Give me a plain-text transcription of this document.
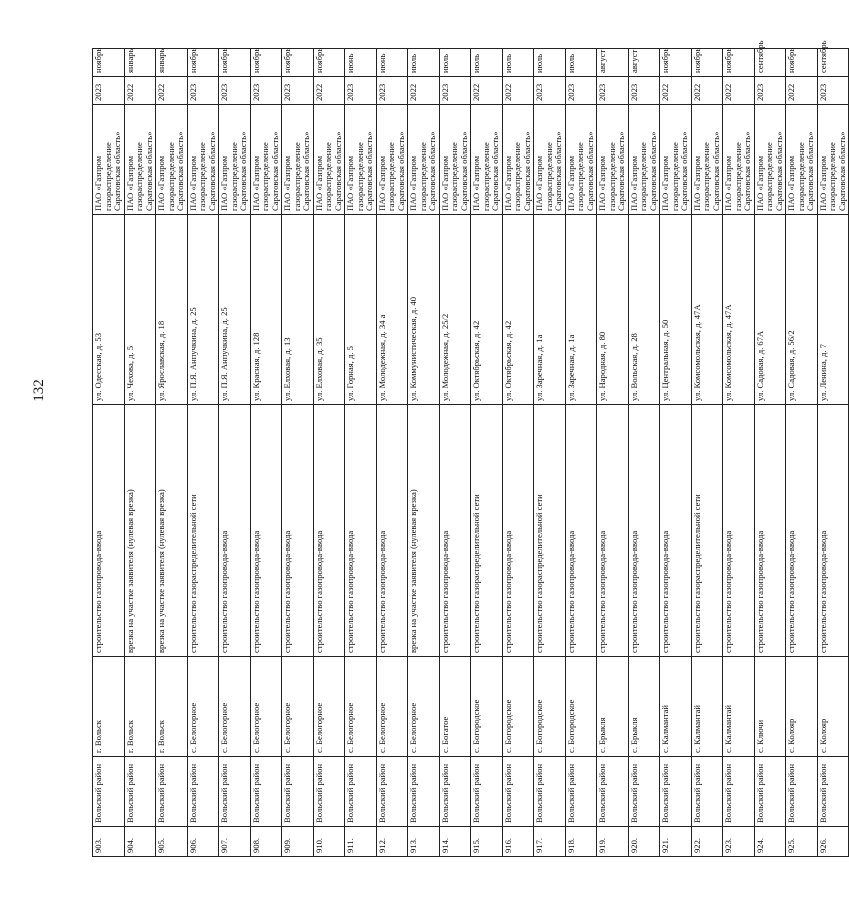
132
903.	Вольский район	г. Вольск	строительство газопровода-ввода	ул. Одесская, д. 53	ПАО «Газпром газораспределение Саратовская область»	2023	ноябрь
904.	Вольский район	г. Вольск	врезка на участке заявителя (нулевая врезка)	ул. Чехова, д. 5	ПАО «Газпром газораспределение Саратовская область»	2022	январь
905.	Вольский район	г. Вольск	врезка на участке заявителя (нулевая врезка)	ул. Ярославская, д. 18	ПАО «Газпром газораспределение Саратовская область»	2022	январь
906.	Вольский район	с. Белогорное	строительство газораспределительной сети	ул. П.Я. Анпучкина, д. 25	ПАО «Газпром газораспределение Саратовская область»	2023	ноябрь
907.	Вольский район	с. Белогорное	строительство газопровода-ввода	ул. П.Я. Анпучкина, д. 25	ПАО «Газпром газораспределение Саратовская область»	2023	ноябрь
908.	Вольский район	с. Белогорное	строительство газопровода-ввода	ул. Красная, д. 128	ПАО «Газпром газораспределение Саратовская область»	2023	ноябрь
909.	Вольский район	с. Белогорное	строительство газопровода-ввода	ул. Елховая, д. 13	ПАО «Газпром газораспределение Саратовская область»	2023	ноябрь
910.	Вольский район	с. Белогорное	строительство газопровода-ввода	ул. Елховая, д. 35	ПАО «Газпром газораспределение Саратовская область»	2022	ноябрь
911.	Вольский район	с. Белогорное	строительство газопровода-ввода	ул. Горная, д. 5	ПАО «Газпром газораспределение Саратовская область»	2023	июнь
912.	Вольский район	с. Белогорное	строительство газопровода-ввода	ул. Молодежная, д. 34 а	ПАО «Газпром газораспределение Саратовская область»	2023	июнь
913.	Вольский район	с. Белогорное	врезка на участке заявителя (нулевая врезка)	ул. Коммунистическая, д. 40	ПАО «Газпром газораспределение Саратовская область»	2022	июль
914.	Вольский район	с. Богатое	строительство газопровода-ввода	ул. Молодежная, д. 25/2	ПАО «Газпром газораспределение Саратовская область»	2023	июль
915.	Вольский район	с. Богородское	строительство газораспределительной сети	ул. Октябрьская, д. 42	ПАО «Газпром газораспределение Саратовская область»	2022	июль
916.	Вольский район	с. Богородское	строительство газопровода-ввода	ул. Октябрьская, д. 42	ПАО «Газпром газораспределение Саратовская область»	2022	июль
917.	Вольский район	с. Богородское	строительство газораспределительной сети	ул. Заречная, д. 1а	ПАО «Газпром газораспределение Саратовская область»	2023	июль
918.	Вольский район	с. Богородское	строительство газопровода-ввода	ул. Заречная, д. 1а	ПАО «Газпром газораспределение Саратовская область»	2023	июль
919.	Вольский район	с. Брыкля	строительство газопровода-ввода	ул. Народная, д. 80	ПАО «Газпром газораспределение Саратовская область»	2023	август
920.	Вольский район	с. Брыкля	строительство газопровода-ввода	ул. Вольская, д. 28	ПАО «Газпром газораспределение Саратовская область»	2023	август
921.	Вольский район	с. Калмантай	строительство газопровода-ввода	ул. Центральная, д. 50	ПАО «Газпром газораспределение Саратовская область»	2022	ноябрь
922.	Вольский район	с. Калмантай	строительство газораспределительной сети	ул. Комсомольская, д. 47А	ПАО «Газпром газораспределение Саратовская область»	2022	ноябрь
923.	Вольский район	с. Калмантай	строительство газопровода-ввода	ул. Комсомольская, д. 47А	ПАО «Газпром газораспределение Саратовская область»	2022	ноябрь
924.	Вольский район	с. Ключи	строительство газопровода-ввода	ул. Садовая, д. 67А	ПАО «Газпром газораспределение Саратовская область»	2023	сентябрь
925.	Вольский район	с. Колояр	строительство газопровода-ввода	ул. Садовая, д. 56/2	ПАО «Газпром газораспределение Саратовская область»	2022	ноябрь
926.	Вольский район	с. Колояр	строительство газопровода-ввода	ул. Ленина, д. 7	ПАО «Газпром газораспределение Саратовская область»	2023	сентябрь
